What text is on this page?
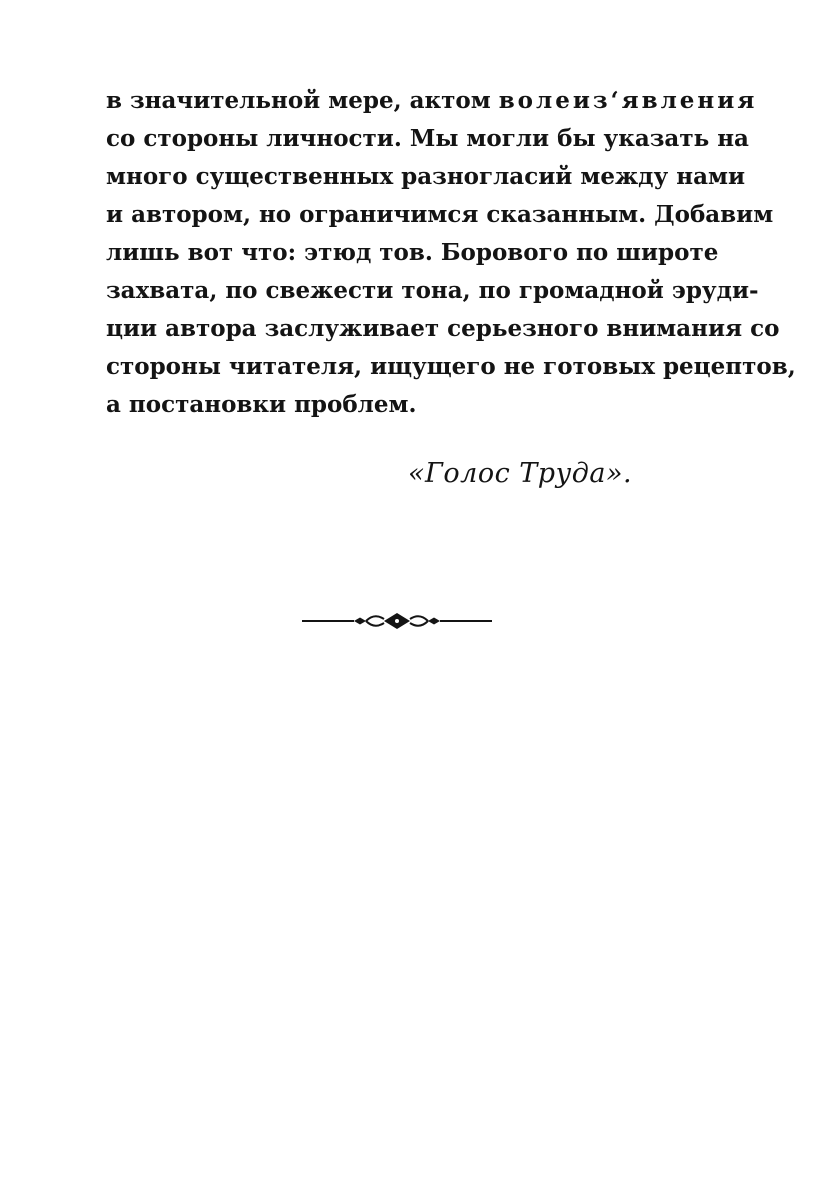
в значительной мере, актом волеиз‘явления
со стороны личности. Мы могли бы указать на
много существенных разногласий между нами
и автором, но ограничимся сказанным. Добавим
лишь вот что: этюд тов. Борового по широте
захвата, по свежести тона, по громадной эруди-
ции автора заслуживает серьезного внимания со
стороны читателя, ищущего не готовых рецептов,
а постановки проблем.
«Голос Труда».
